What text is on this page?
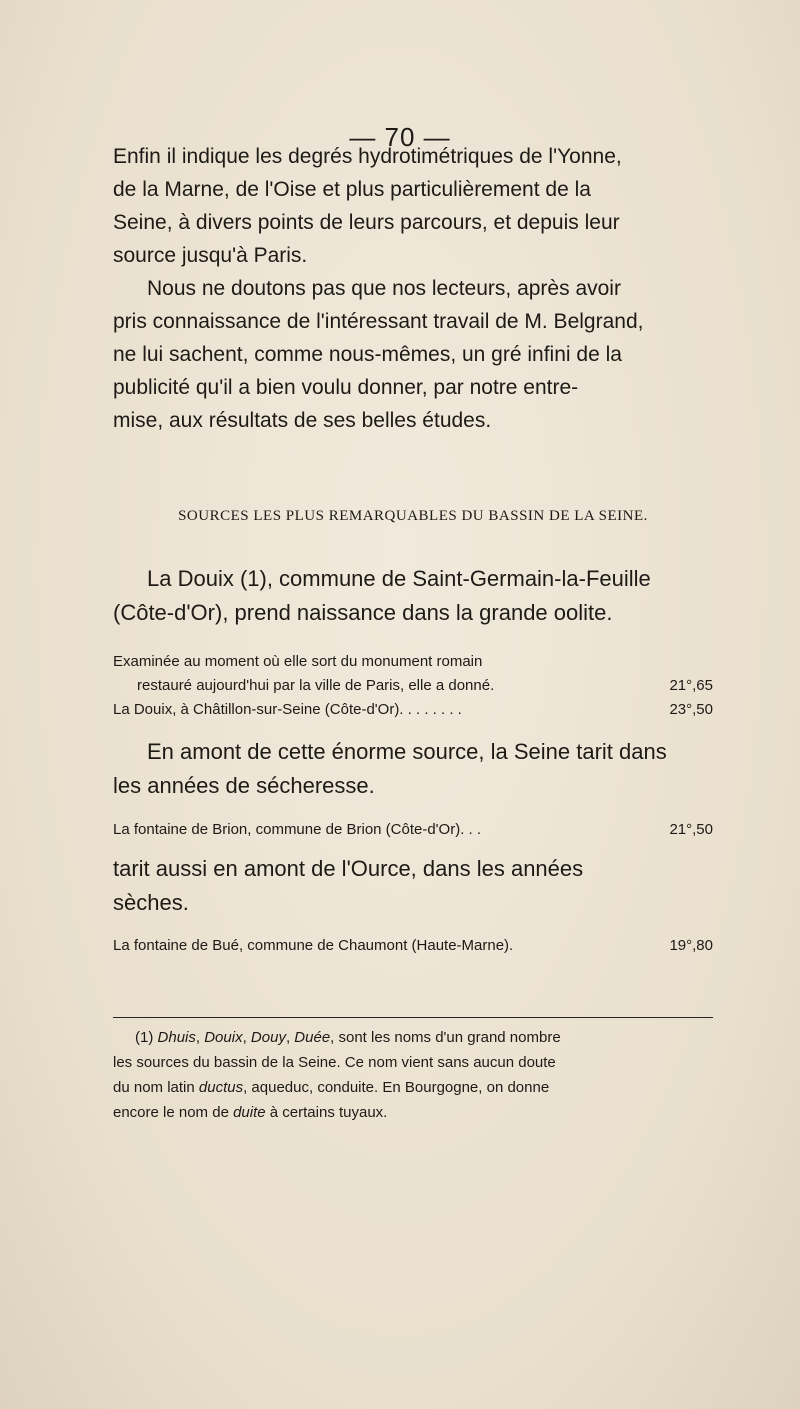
— 70 —
Enfin il indique les degrés hydrotimétriques de l'Yonne,
de la Marne, de l'Oise et plus particulièrement de la
Seine, à divers points de leurs parcours, et depuis leur
source jusqu'à Paris.
Nous ne doutons pas que nos lecteurs, après avoir
pris connaissance de l'intéressant travail de M. Belgrand,
ne lui sachent, comme nous-mêmes, un gré infini de la
publicité qu'il a bien voulu donner, par notre entre-
mise, aux résultats de ses belles études.
SOURCES LES PLUS REMARQUABLES DU BASSIN DE LA SEINE.
La Douix (1), commune de Saint-Germain-la-Feuille
(Côte-d'Or), prend naissance dans la grande oolite.
Examinée au moment où elle sort du monument romain
restauré aujourd'hui par la ville de Paris, elle a donné.	21°,65
La Douix, à Châtillon-sur-Seine (Côte-d'Or). . . . . . . .	23°,50
En amont de cette énorme source, la Seine tarit dans
les années de sécheresse.
La fontaine de Brion, commune de Brion (Côte-d'Or). . .	21°,50
tarit aussi en amont de l'Ource, dans les années
sèches.
La fontaine de Bué, commune de Chaumont (Haute-Marne).	19°,80
(1) Dhuis, Douix, Douy, Duée, sont les noms d'un grand nombre
les sources du bassin de la Seine. Ce nom vient sans aucun doute
du nom latin ductus, aqueduc, conduite. En Bourgogne, on donne
encore le nom de duite à certains tuyaux.
